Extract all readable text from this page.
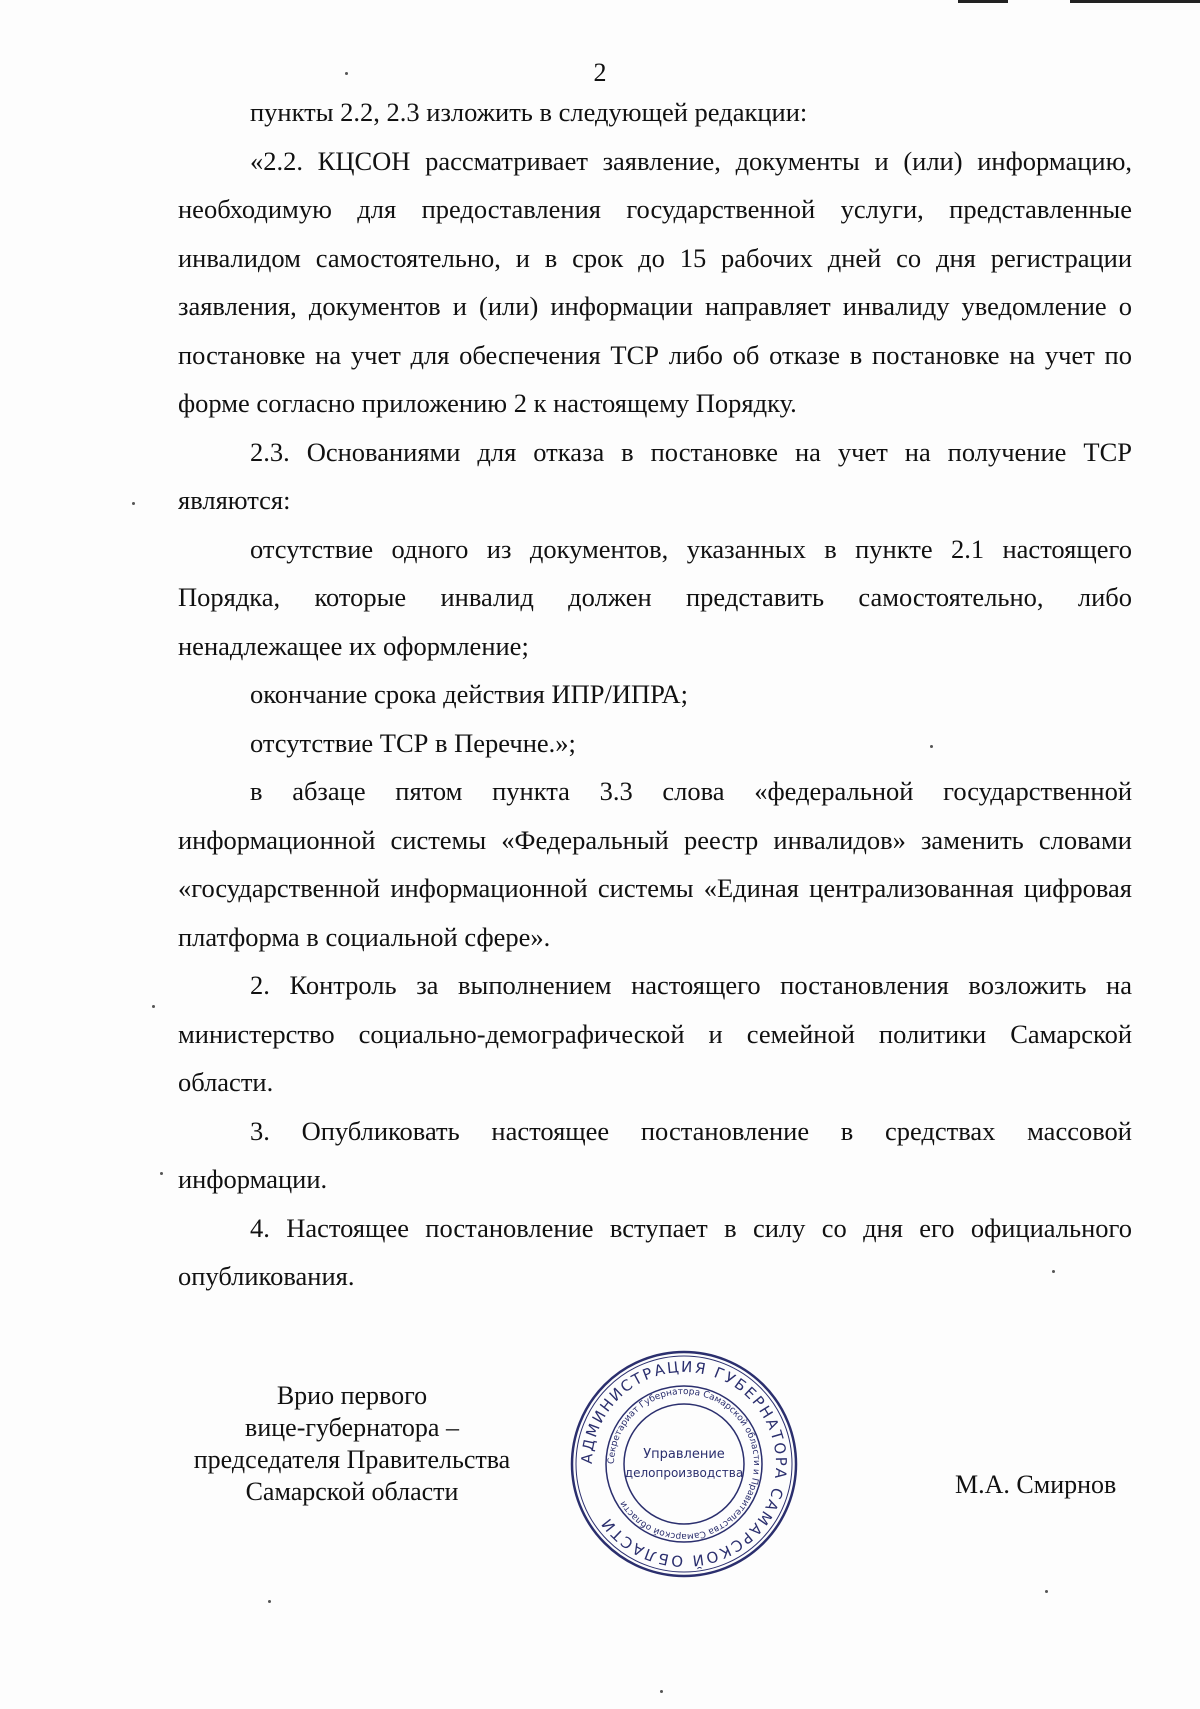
2

пункты 2.2, 2.3 изложить в следующей редакции:

«2.2. КЦСОН рассматривает заявление, документы и (или) информацию, необходимую для предоставления государственной услуги, представленные инвалидом самостоятельно, и в срок до 15 рабочих дней со дня регистрации заявления, документов и (или) информации направляет инвалиду уведомление о постановке на учет для обеспечения ТСР либо об отказе в постановке на учет по форме согласно приложению 2 к настоящему Порядку.

2.3. Основаниями для отказа в постановке на учет на получение ТСР являются:

отсутствие одного из документов, указанных в пункте 2.1 настоящего Порядка, которые инвалид должен представить самостоятельно, либо ненадлежащее их оформление;

окончание срока действия ИПР/ИПРА;

отсутствие ТСР в Перечне.»;

в абзаце пятом пункта 3.3 слова «федеральной государственной информационной системы «Федеральный реестр инвалидов» заменить словами «государственной информационной системы «Единая централизованная цифровая платформа в социальной сфере».

2. Контроль за выполнением настоящего постановления возложить на министерство социально-демографической и семейной политики Самарской области.

3. Опубликовать настоящее постановление в средствах массовой информации.

4. Настоящее постановление вступает в силу со дня его официального опубликования.

Врио первого
вице-губернатора –
председателя Правительства
Самарской области
АДМИНИСТРАЦИЯ ГУБЕРНАТОРА САМАРСКОЙ ОБЛАСТИ
Секретариат Губернатора Самарской области и Правительства Самарской области
Управление
делопроизводства	М.А. Смирнов
